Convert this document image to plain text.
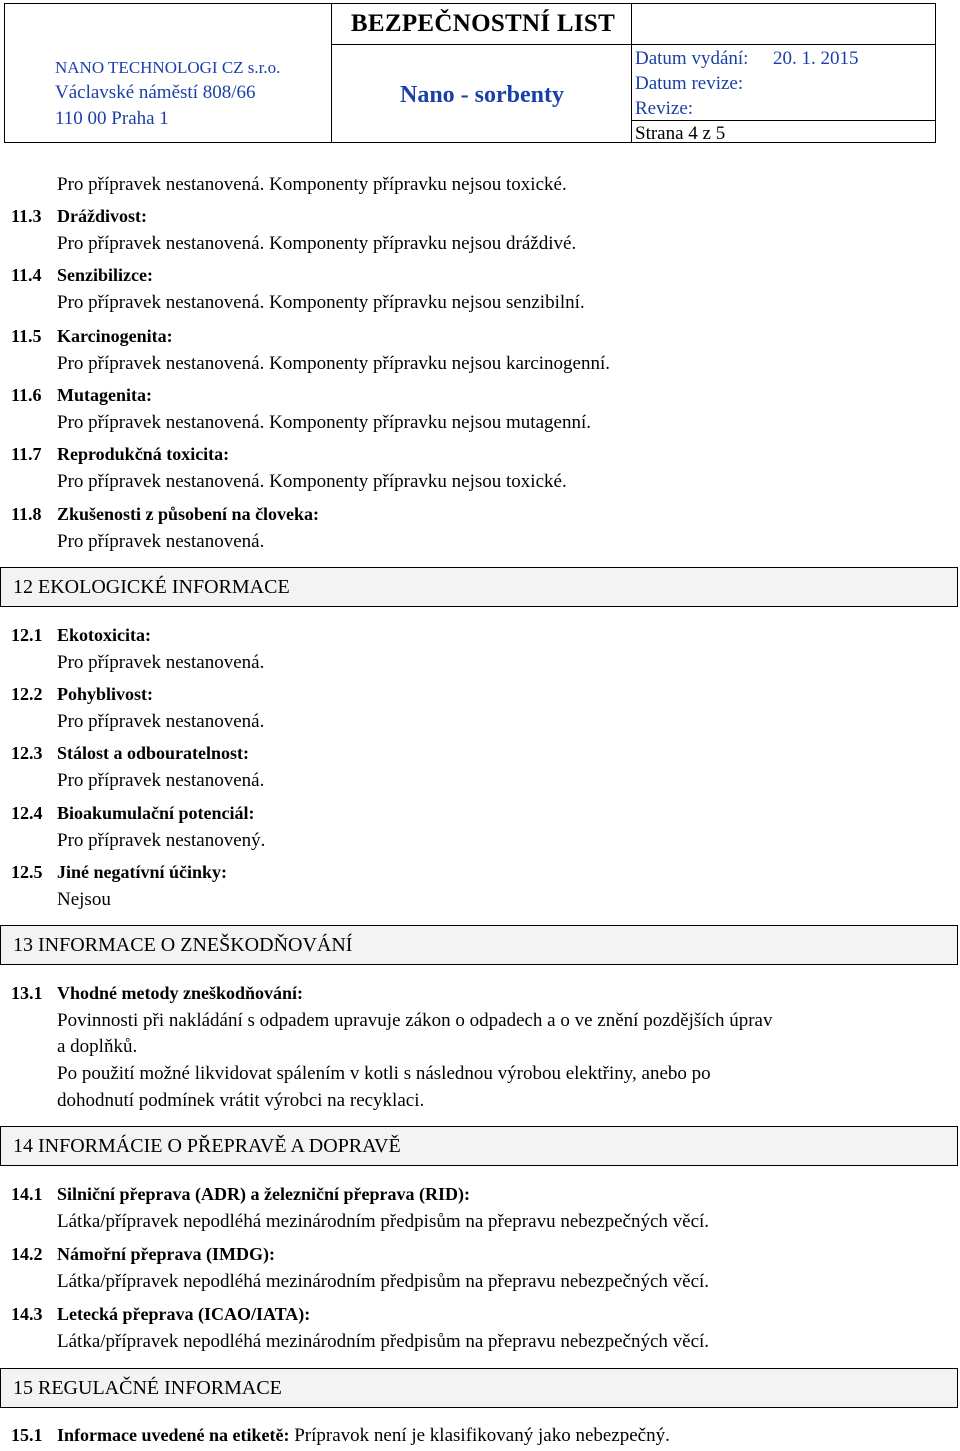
NANO TECHNOLOGI CZ s.r.o.
Václavské náměstí 808/66
110 00 Praha 1
BEZPEČNOSTNÍ LIST
Nano - sorbenty
Datum vydání: 20. 1. 2015
Datum revize:
Revize:
Strana 4 z 5
Pro přípravek nestanovená. Komponenty přípravku nejsou toxické.
11.3 Dráždivost:
Pro přípravek nestanovená. Komponenty přípravku nejsou dráždivé.
11.4 Senzibilizce:
Pro přípravek nestanovená. Komponenty přípravku nejsou senzibilní.
11.5 Karcinogenita:
Pro přípravek nestanovená. Komponenty přípravku nejsou karcinogenní.
11.6 Mutagenita:
Pro přípravek nestanovená. Komponenty přípravku nejsou mutagenní.
11.7 Reprodukčná toxicita:
Pro přípravek nestanovená. Komponenty přípravku nejsou toxické.
11.8 Zkušenosti z působení na človeka:
Pro přípravek nestanovená.
12 EKOLOGICKÉ INFORMACE
12.1 Ekotoxicita:
Pro přípravek nestanovená.
12.2 Pohyblivost:
Pro přípravek nestanovená.
12.3 Stálost a odbouratelnost:
Pro přípravek nestanovená.
12.4 Bioakumulační potenciál:
Pro přípravek nestanovený.
12.5 Jiné negatívní účinky:
Nejsou
13 INFORMACE O ZNEŠKODŇOVÁNÍ
13.1 Vhodné metody zneškodňování:
Povinnosti při nakládání s odpadem upravuje zákon o odpadech a o ve znění pozdějších úprav
a doplňků.
Po použití možné likvidovat spálením v kotli s následnou výrobou elektřiny, anebo po
dohodnutí podmínek vrátit výrobci na recyklaci.
14 INFORMÁCIE O PŘEPRAVĚ A DOPRAVĚ
14.1 Silniční přeprava (ADR) a železniční přeprava (RID):
Látka/přípravek nepodléhá mezinárodním předpisům na přepravu nebezpečných věcí.
14.2 Námořní přeprava (IMDG):
Látka/přípravek nepodléhá mezinárodním předpisům na přepravu nebezpečných věcí.
14.3 Letecká přeprava (ICAO/IATA):
Látka/přípravek nepodléhá mezinárodním předpisům na přepravu nebezpečných věcí.
15 REGULAČNÉ INFORMACE
15.1 Informace uvedené na etiketě: Prípravok není je klasifikovaný jako nebezpečný.
